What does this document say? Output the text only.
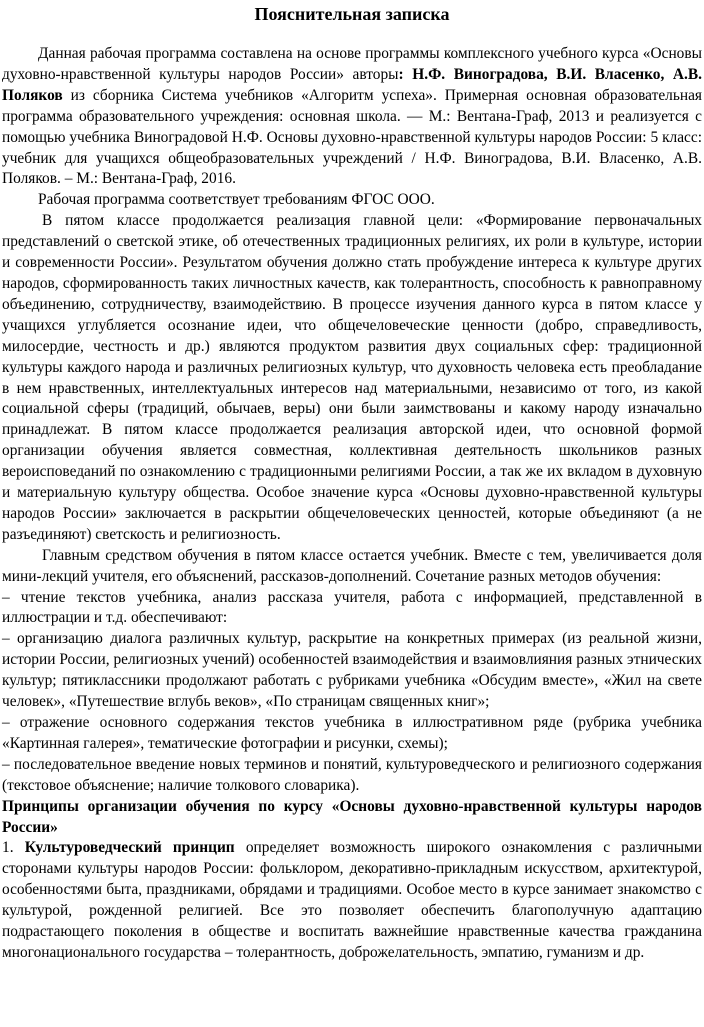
Пояснительная записка

Данная рабочая программа составлена на основе программы комплексного учебного курса «Основы духовно-нравственной культуры народов России» авторы: Н.Ф. Виноградова, В.И. Власенко, А.В. Поляков из сборника Система учебников «Алгоритм успеха». Примерная основная образовательная программа образовательного учреждения: основная школа. — М.: Вентана-Граф, 2013 и реализуется с помощью учебника Виноградовой Н.Ф. Основы духовно-нравственной культуры народов России: 5 класс: учебник для учащихся общеобразовательных учреждений / Н.Ф. Виноградова, В.И. Власенко, А.В. Поляков. – М.: Вентана-Граф, 2016.

Рабочая программа соответствует требованиям ФГОС ООО.

В пятом классе продолжается реализация главной цели: «Формирование первоначальных представлений о светской этике, об отечественных традиционных религиях, их роли в культуре, истории и современности России». Результатом обучения должно стать пробуждение интереса к культуре других народов, сформированность таких личностных качеств, как толерантность, способность к равноправному объединению, сотрудничеству, взаимодействию. В процессе изучения данного курса в пятом классе у учащихся углубляется осознание идеи, что общечеловеческие ценности (добро, справедливость, милосердие, честность и др.) являются продуктом развития двух социальных сфер: традиционной культуры каждого народа и различных религиозных культур, что духовность человека есть преобладание в нем нравственных, интеллектуальных интересов над материальными, независимо от того, из какой социальной сферы (традиций, обычаев, веры) они были заимствованы и какому народу изначально принадлежат. В пятом классе продолжается реализация авторской идеи, что основной формой организации обучения является совместная, коллективная деятельность школьников разных вероисповеданий по ознакомлению с традиционными религиями России, а так же их вкладом в духовную и материальную культуру общества. Особое значение курса «Основы духовно-нравственной культуры народов России» заключается в раскрытии общечеловеческих ценностей, которые объединяют (а не разъединяют) светскость и религиозность.

Главным средством обучения в пятом классе остается учебник. Вместе с тем, увеличивается доля мини-лекций учителя, его объяснений, рассказов-дополнений. Сочетание разных методов обучения:

– чтение текстов учебника, анализ рассказа учителя, работа с информацией, представленной в иллюстрации и т.д. обеспечивают:

– организацию диалога различных культур, раскрытие на конкретных примерах (из реальной жизни, истории России, религиозных учений) особенностей взаимодействия и взаимовлияния разных этнических культур; пятиклассники продолжают работать с рубриками учебника «Обсудим вместе», «Жил на свете человек», «Путешествие вглубь веков», «По страницам священных книг»;

– отражение основного содержания текстов учебника в иллюстративном ряде (рубрика учебника «Картинная галерея», тематические фотографии и рисунки, схемы);

– последовательное введение новых терминов и понятий, культуроведческого и религиозного содержания (текстовое объяснение; наличие толкового словарика).

Принципы организации обучения по курсу «Основы духовно-нравственной культуры народов России»

1. Культуроведческий принцип определяет возможность широкого ознакомления с различными сторонами культуры народов России: фольклором, декоративно-прикладным искусством, архитектурой, особенностями быта, праздниками, обрядами и традициями. Особое место в курсе занимает знакомство с культурой, рожденной религией. Все это позволяет обеспечить благополучную адаптацию подрастающего поколения в обществе и воспитать важнейшие нравственные качества гражданина многонационального государства – толерантность, доброжелательность, эмпатию, гуманизм и др.
